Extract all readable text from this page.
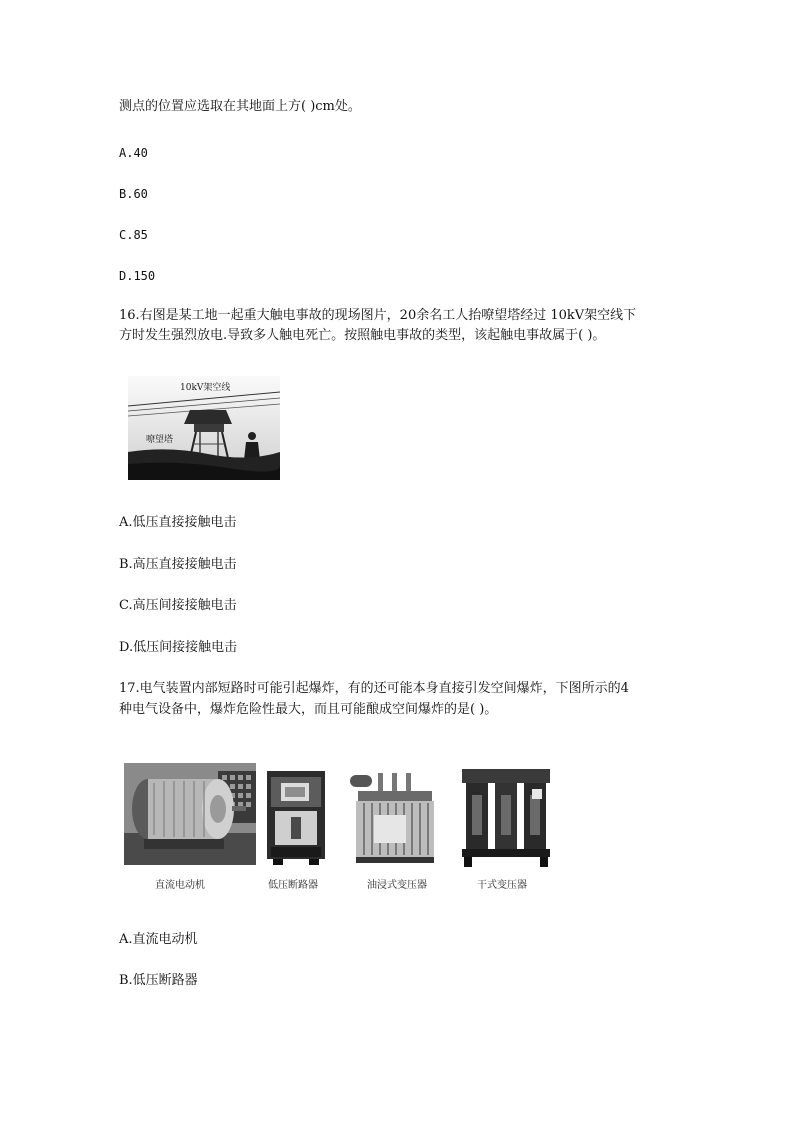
测点的位置应选取在其地面上方( )cm处。
A.40
B.60
C.85
D.150
16.右图是某工地一起重大触电事故的现场图片，20余名工人抬嘹望塔经过 10kV架空线下
方时发生强烈放电.导致多人触电死亡。按照触电事故的类型，该起触电事故属于( )。
10kV架空线
嘹望塔
A.低压直接接触电击
B.高压直接接触电击
C.高压间接接触电击
D.低压间接接触电击
17.电气装置内部短路时可能引起爆炸，有的还可能本身直接引发空间爆炸，下图所示的4
种电气设备中，爆炸危险性最大，而且可能酿成空间爆炸的是( )。
直流电动机	低压断路器	油浸式变压器	干式变压器
A.直流电动机
B.低压断路器
